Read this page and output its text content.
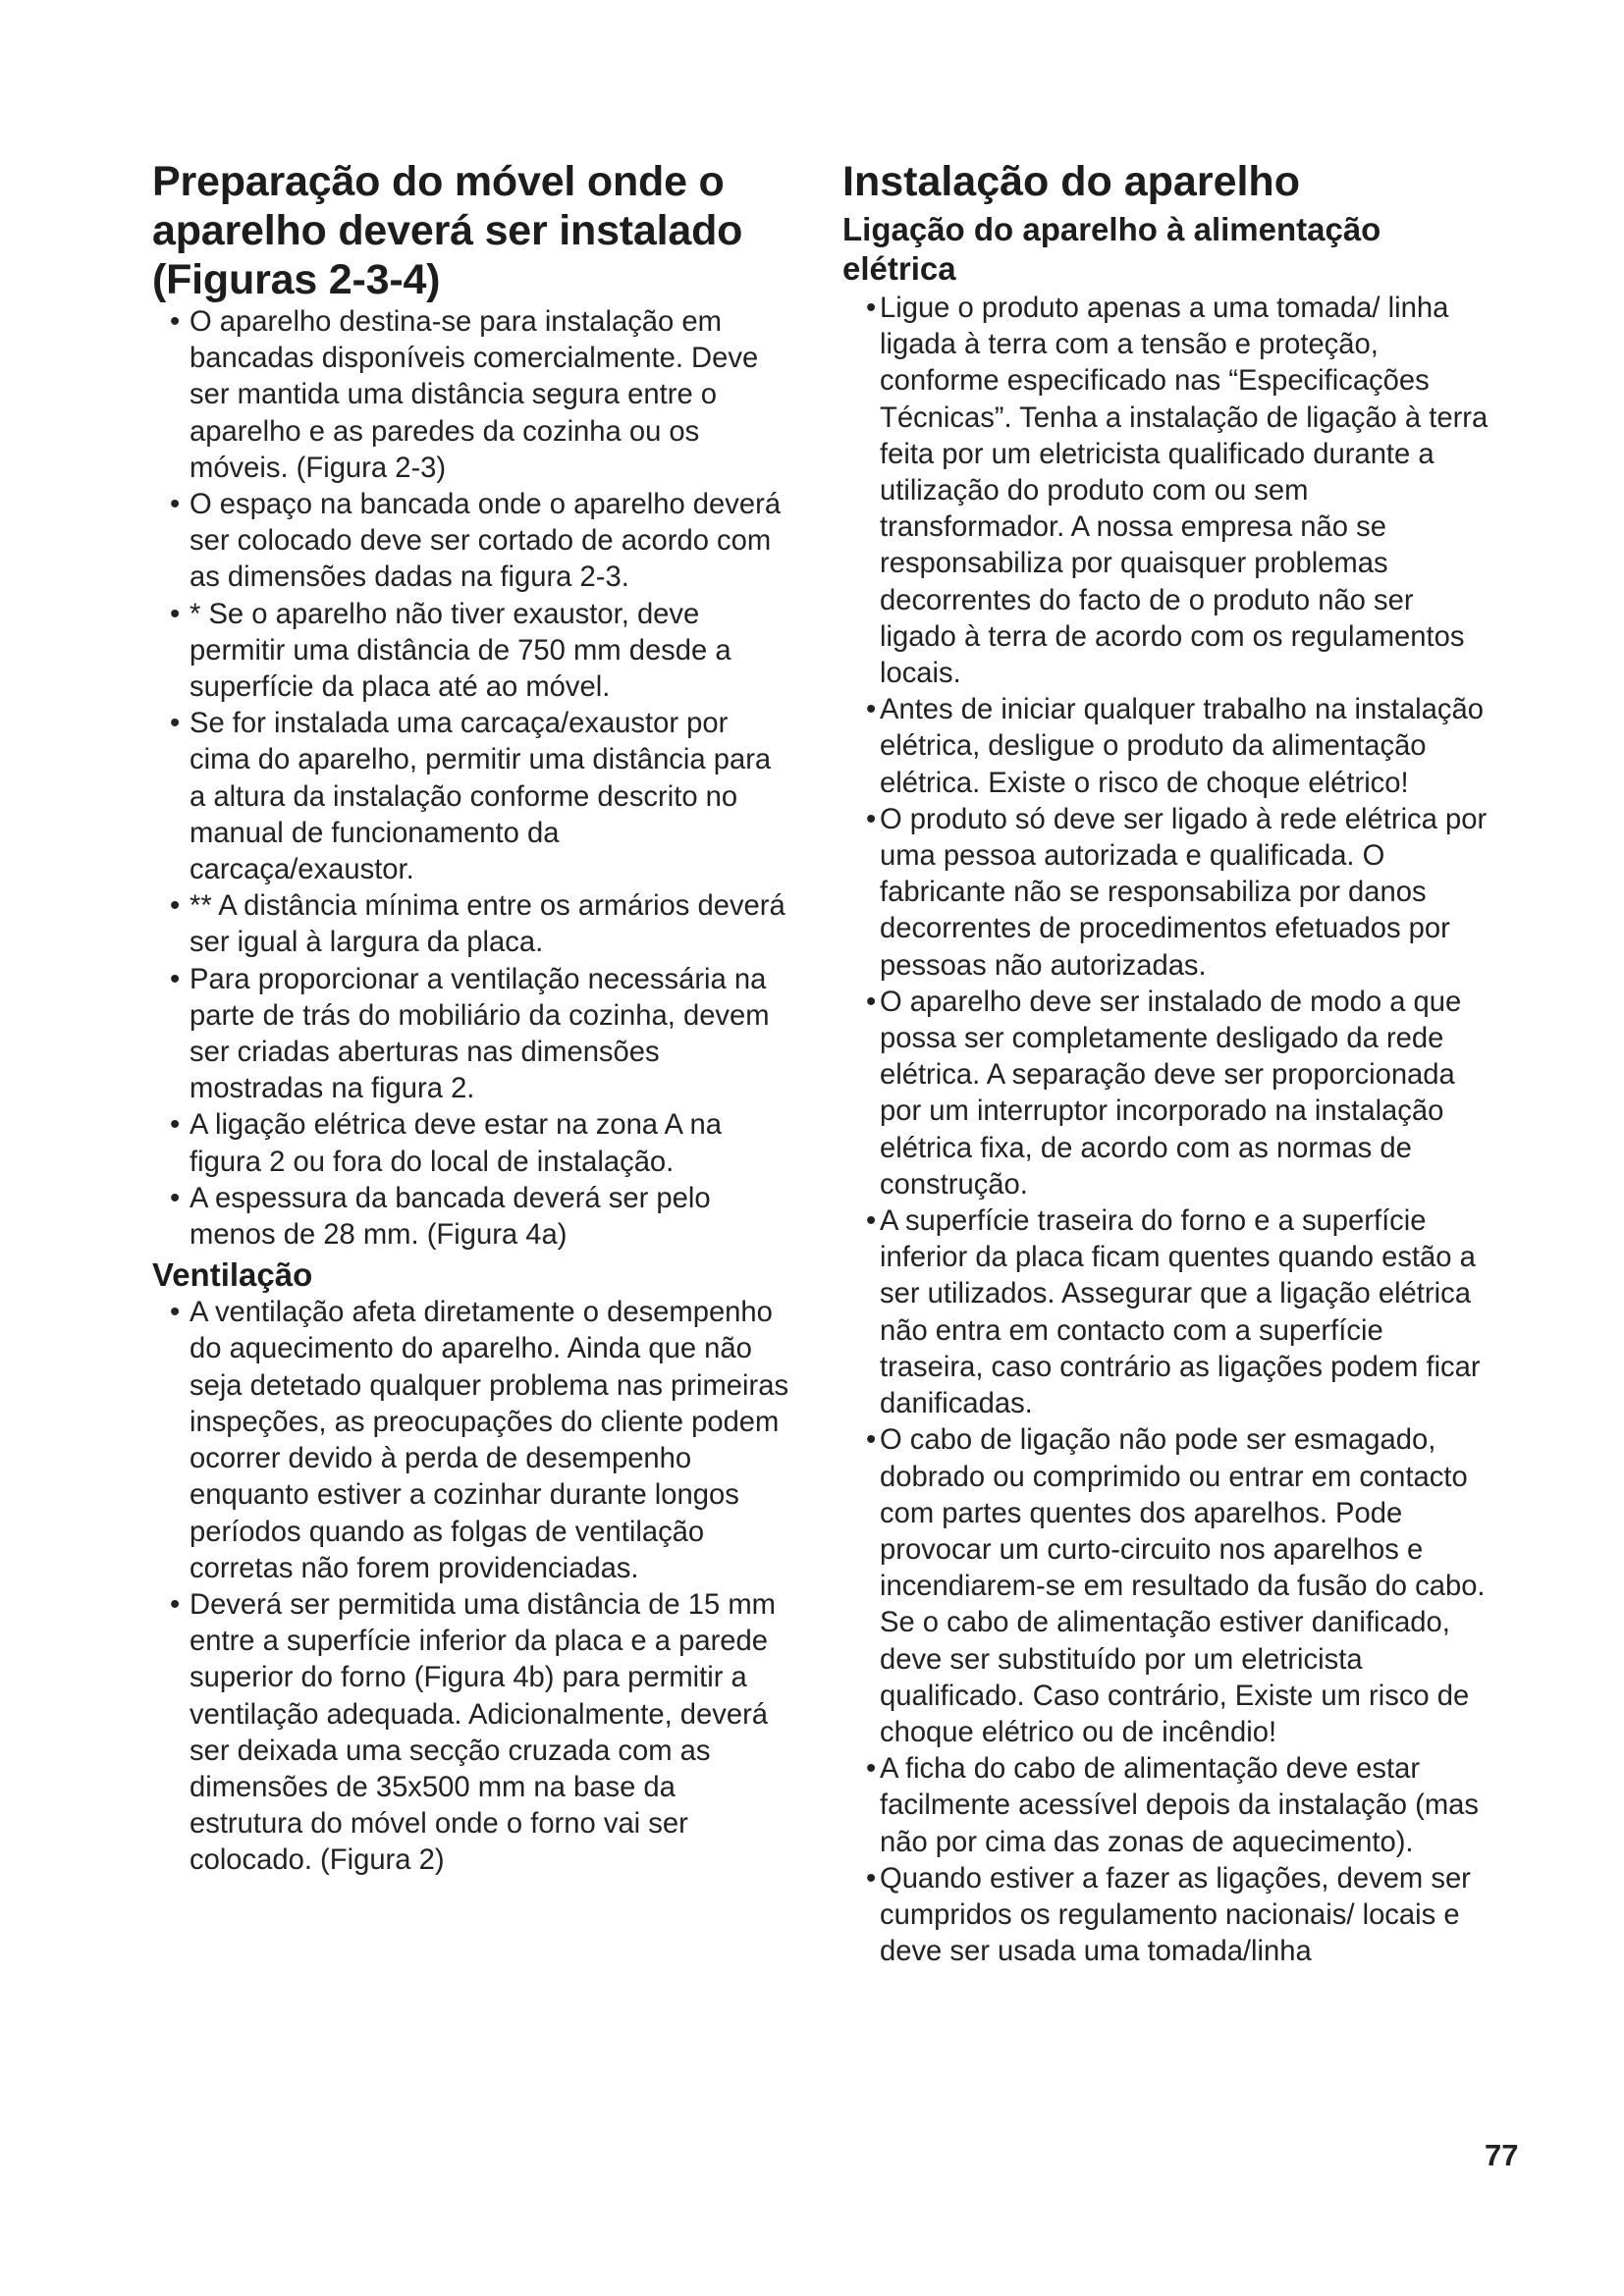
Preparação do móvel onde o aparelho deverá ser instalado (Figuras 2-3-4)
• O aparelho destina-se para instalação em bancadas disponíveis comercialmente. Deve ser mantida uma distância segura entre o aparelho e as paredes da cozinha ou os móveis. (Figura 2-3)
• O espaço na bancada onde o aparelho deverá ser colocado deve ser cortado de acordo com as dimensões dadas na figura 2-3.
• * Se o aparelho não tiver exaustor, deve permitir uma distância de 750 mm desde a superfície da placa até ao móvel.
• Se for instalada uma carcaça/exaustor por cima do aparelho, permitir uma distância para a altura da instalação conforme descrito no manual de funcionamento da carcaça/exaustor.
• ** A distância mínima entre os armários deverá ser igual à largura da placa.
• Para proporcionar a ventilação necessária na parte de trás do mobiliário da cozinha, devem ser criadas aberturas nas dimensões mostradas na figura 2.
• A ligação elétrica deve estar na zona A na figura 2 ou fora do local de instalação.
• A espessura da bancada deverá ser pelo menos de 28 mm. (Figura 4a)
Ventilação
• A ventilação afeta diretamente o desempenho do aquecimento do aparelho. Ainda que não seja detetado qualquer problema nas primeiras inspeções, as preocupações do cliente podem ocorrer devido à perda de desempenho enquanto estiver a cozinhar durante longos períodos quando as folgas de ventilação corretas não forem providenciadas.
• Deverá ser permitida uma distância de 15 mm entre a superfície inferior da placa e a parede superior do forno (Figura 4b) para permitir a ventilação adequada. Adicionalmente, deverá ser deixada uma secção cruzada com as dimensões de 35x500 mm na base da estrutura do móvel onde o forno vai ser colocado. (Figura 2)
Instalação do aparelho
Ligação do aparelho à alimentação elétrica
• Ligue o produto apenas a uma tomada/ linha ligada à terra com a tensão e proteção, conforme especificado nas “Especificações Técnicas”. Tenha a instalação de ligação à terra feita por um eletricista qualificado durante a utilização do produto com ou sem transformador. A nossa empresa não se responsabiliza por quaisquer problemas decorrentes do facto de o produto não ser ligado à terra de acordo com os regulamentos locais.
• Antes de iniciar qualquer trabalho na instalação elétrica, desligue o produto da alimentação elétrica. Existe o risco de choque elétrico!
• O produto só deve ser ligado à rede elétrica por uma pessoa autorizada e qualificada. O fabricante não se responsabiliza por danos decorrentes de procedimentos efetuados por pessoas não autorizadas.
• O aparelho deve ser instalado de modo a que possa ser completamente desligado da rede elétrica. A separação deve ser proporcionada por um interruptor incorporado na instalação elétrica fixa, de acordo com as normas de construção.
• A superfície traseira do forno e a superfície inferior da placa ficam quentes quando estão a ser utilizados. Assegurar que a ligação elétrica não entra em contacto com a superfície traseira, caso contrário as ligações podem ficar danificadas.
• O cabo de ligação não pode ser esmagado, dobrado ou comprimido ou entrar em contacto com partes quentes dos aparelhos. Pode provocar um curto-circuito nos aparelhos e incendiarem-se em resultado da fusão do cabo. Se o cabo de alimentação estiver danificado, deve ser substituído por um eletricista qualificado. Caso contrário, Existe um risco de choque elétrico ou de incêndio!
• A ficha do cabo de alimentação deve estar facilmente acessível depois da instalação (mas não por cima das zonas de aquecimento).
• Quando estiver a fazer as ligações, devem ser cumpridos os regulamento nacionais/ locais e deve ser usada uma tomada/linha
77
